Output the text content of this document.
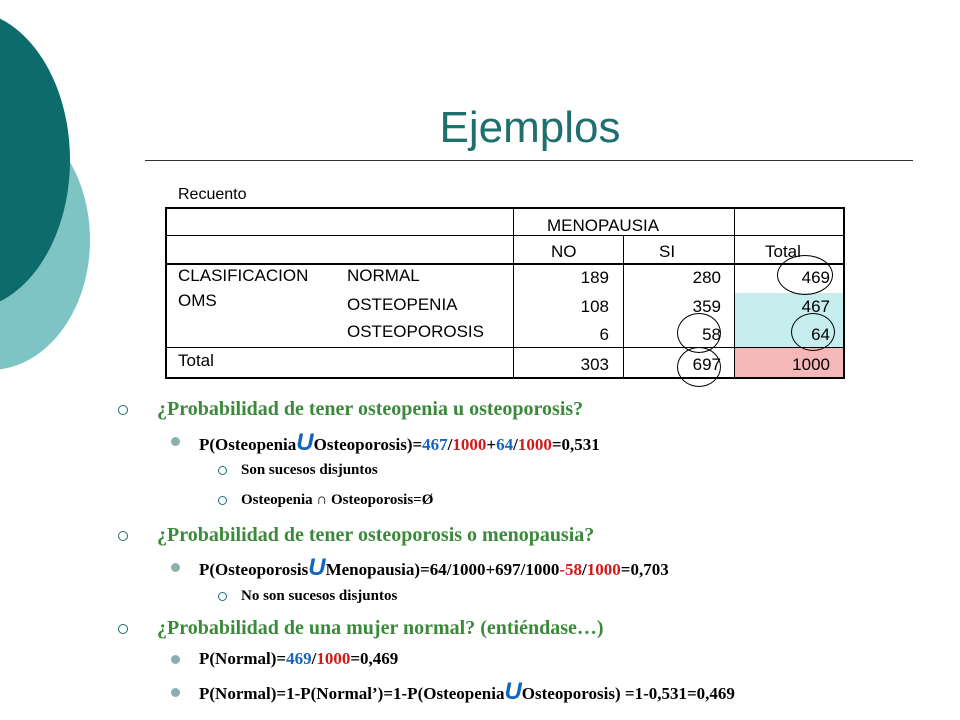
Ejemplos
Recuento
MENOPAUSIA
NO	SI	Total
CLASIFICACION
OMS
NORMAL	189	280	469
OSTEOPENIA	108	359	467
OSTEOPOROSIS	6	58	64
Total	303	697	1000
¿Probabilidad de tener osteopenia u osteoporosis?
P(OsteopeniaUOsteoporosis)=467/1000+64/1000=0,531
Son sucesos disjuntos
Osteopenia ∩ Osteoporosis=Ø
¿Probabilidad de tener osteoporosis o menopausia?
P(OsteoporosisUMenopausia)=64/1000+697/1000-58/1000=0,703
No son sucesos disjuntos
¿Probabilidad de una mujer normal? (entiéndase…)
P(Normal)=469/1000=0,469
P(Normal)=1-P(Normal’)=1-P(OsteopeniaUOsteoporosis) =1-0,531=0,469
